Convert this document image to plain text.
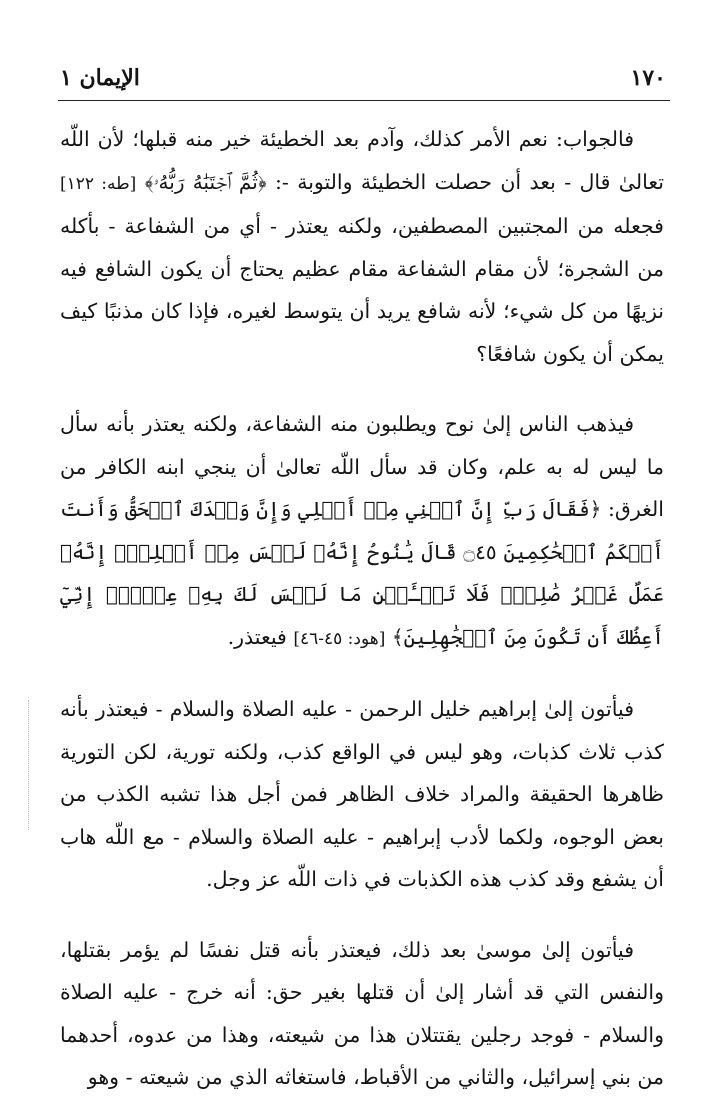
١٧٠
الإيمان ١

فالجواب: نعم الأمر كذلك، وآدم بعد الخطيئة خير منه قبلها؛ لأن اللّه تعالىٰ قال - بعد أن حصلت الخطيئة والتوبة -: ﴿ثُمَّ ٱجۡتَبَٰهُ رَبُّهُۥ﴾ [طه: ١٢٢] فجعله من المجتبين المصطفين، ولكنه يعتذر - أي من الشفاعة - بأكله من الشجرة؛ لأن مقام الشفاعة مقام عظيم يحتاج أن يكون الشافع فيه نزيهًا من كل شيء؛ لأنه شافع يريد أن يتوسط لغيره، فإذا كان مذنبًا كيف يمكن أن يكون شافعًا؟

فيذهب الناس إلىٰ نوح ويطلبون منه الشفاعة، ولكنه يعتذر بأنه سأل ما ليس له به علم، وكان قد سأل اللّه تعالىٰ أن ينجي ابنه الكافر من الغرق: ﴿فَقَالَ رَبِّ إِنَّ ٱبۡنِي مِنۡ أَهۡلِي وَإِنَّ وَعۡدَكَ ٱلۡحَقُّ وَأَنتَ أَحۡكَمُ ٱلۡحَٰكِمِينَ ۝٤٥ قَالَ يَٰنُوحُ إِنَّهُۥ لَيۡسَ مِنۡ أَهۡلِكَۖ إِنَّهُۥ عَمَلٌ غَيۡرُ صَٰلِحٖۖ فَلَا تَسۡـَٔلۡنِ مَا لَيۡسَ لَكَ بِهِۦ عِلۡمٌۖ إِنِّيٓ أَعِظُكَ أَن تَكُونَ مِنَ ٱلۡجَٰهِلِينَ﴾ [هود: ٤٥-٤٦] فيعتذر.

فيأتون إلىٰ إبراهيم خليل الرحمن - عليه الصلاة والسلام - فيعتذر بأنه كذب ثلاث كذبات، وهو ليس في الواقع كذب، ولكنه تورية، لكن التورية ظاهرها الحقيقة والمراد خلاف الظاهر فمن أجل هذا تشبه الكذب من بعض الوجوه، ولكما لأدب إبراهيم - عليه الصلاة والسلام - مع اللّه هاب أن يشفع وقد كذب هذه الكذبات في ذات اللّه عز وجل.

فيأتون إلىٰ موسىٰ بعد ذلك، فيعتذر بأنه قتل نفسًا لم يؤمر بقتلها، والنفس التي قد أشار إلىٰ أن قتلها بغير حق: أنه خرج - عليه الصلاة والسلام - فوجد رجلين يقتتلان هذا من شيعته، وهذا من عدوه، أحدهما من بني إسرائيل، والثاني من الأقباط، فاستغاثه الذي من شيعته - وهو
